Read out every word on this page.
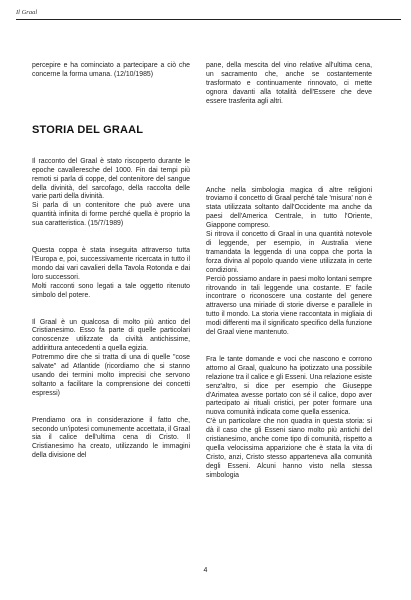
Il Graal

percepire e ha cominciato a partecipare a ciò che concerne la forma umana. (12/10/1985)

STORIA DEL GRAAL

Il racconto del Graal è stato riscoperto durante le epoche cavalleresche del 1000. Fin dai tempi più remoti si parla di coppe, del contenitore del sangue della divinità, del sarcofago, della raccolta delle varie parti della divinità.

Si parla di un contenitore che può avere una quantità infinita di forme perché quella è proprio la sua caratteristica. (15/7/1989)

Questa coppa è stata inseguita attraverso tutta l'Europa e, poi, successivamente ricercata in tutto il mondo dai vari cavalieri della Tavola Rotonda e dai loro successori.

Molti racconti sono legati a tale oggetto ritenuto simbolo del potere.

Il Graal è un qualcosa di molto più antico del Cristianesimo. Esso fa parte di quelle particolari conoscenze utilizzate da civiltà antichissime, addirittura antecedenti a quella egizia.

Potremmo dire che si tratta di una di quelle "cose salvate" ad Atlantide (ricordiamo che si stanno usando dei termini molto imprecisi che servono soltanto a facilitare la comprensione dei concetti espressi)

Prendiamo ora in considerazione il fatto che, secondo un'ipotesi comunemente accettata, il Graal sia il calice dell'ultima cena di Cristo. Il Cristianesimo ha creato, utilizzando le immagini della divisione del

pane, della mescita del vino relative all'ultima cena, un sacramento che, anche se costantemente trasformato e continuamente rinnovato, ci mette ognora davanti alla totalità dell'Essere che deve essere trasferita agli altri.

Anche nella simbologia magica di altre religioni troviamo il concetto di Graal perché tale 'misura' non è stata utilizzata soltanto dall'Occidente ma anche da paesi dell'America Centrale, in tutto l'Oriente, Giappone compreso.

Si ritrova il concetto di Graal in una quantità notevole di leggende, per esempio, in Australia viene tramandata la leggenda di una coppa che porta la forza divina al popolo quando viene utilizzata in certe condizioni.

Perciò possiamo andare in paesi molto lontani sempre ritrovando in tali leggende una costante. E' facile incontrare o riconoscere una costante del genere attraverso una miriade di storie diverse e parallele in tutto il mondo. La storia viene raccontata in migliaia di modi differenti ma il significato specifico della funzione del Graal viene mantenuto.

Fra le tante domande e voci che nascono e corrono attorno al Graal, qualcuno ha ipotizzato una possibile relazione tra il calice e gli Esseni. Una relazione esiste senz'altro, si dice per esempio che Giuseppe d'Arimatea avesse portato con sé il calice, dopo aver partecipato ai rituali cristici, per poter formare una nuova comunità indicata come quella essenica.

C'è un particolare che non quadra in questa storia: si dà il caso che gli Esseni siano molto più antichi del cristianesimo, anche come tipo di comunità, rispetto a quella velocissima apparizione che è stata la vita di Cristo, anzi, Cristo stesso apparteneva alla comunità degli Esseni. Alcuni hanno visto nella stessa simbologia

4
